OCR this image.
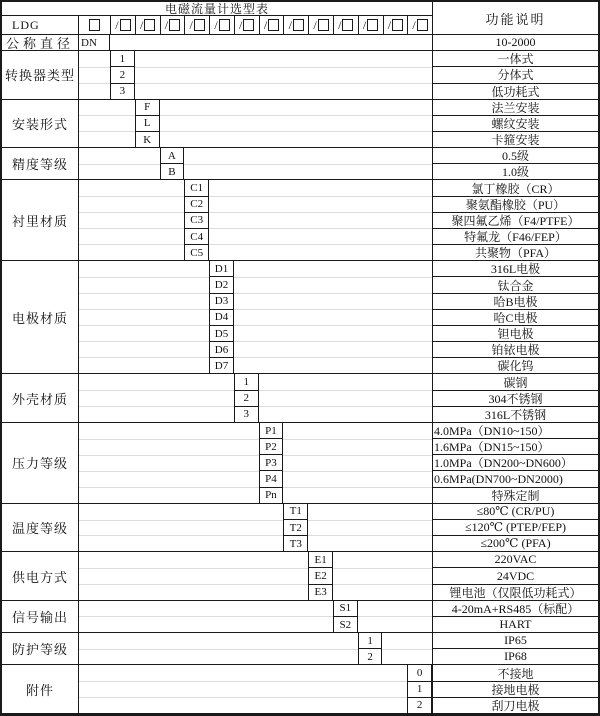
电磁流量计选型表
功能说明
LDG	/ / / / / / / / / / / / /
公称直径 DN	10-2000
转换器类型
1
2
3
一体式
分体式
低功耗式
安装形式
F
L
K
法兰安装
螺纹安装
卡箍安装
精度等级
A
B
0.5级
1.0级
衬里材质
C1
C2
C3
C4
C5
氯丁橡胶（CR）
聚氨酯橡胶（PU）
聚四氟乙烯（F4/PTFE）
特氟龙（F46/FEP）
共聚物（PFA）
电极材质
D1
D2
D3
D4
D5
D6
D7
316L电极
钛合金
哈B电极
哈C电极
钽电极
铂铱电极
碳化钨
外壳材质
1
2
3
碳钢
304不锈钢
316L不锈钢
压力等级
P1
P2
P3
P4
Pn
4.0MPa（DN10~150）
1.6MPa（DN15~150）
1.0MPa（DN200~DN600）
0.6MPa(DN700~DN2000)
特殊定制
温度等级
T1
T2
T3
≤80℃ (CR/PU)
≤120℃ (PTEP/FEP)
≤200℃ (PFA)
供电方式
E1
E2
E3
220VAC
24VDC
锂电池（仅限低功耗式）
信号输出
S1
S2
4-20mA+RS485（标配）
HART
防护等级
1
2
IP65
IP68
附件
0
1
2
不接地
接地电极
刮刀电极
